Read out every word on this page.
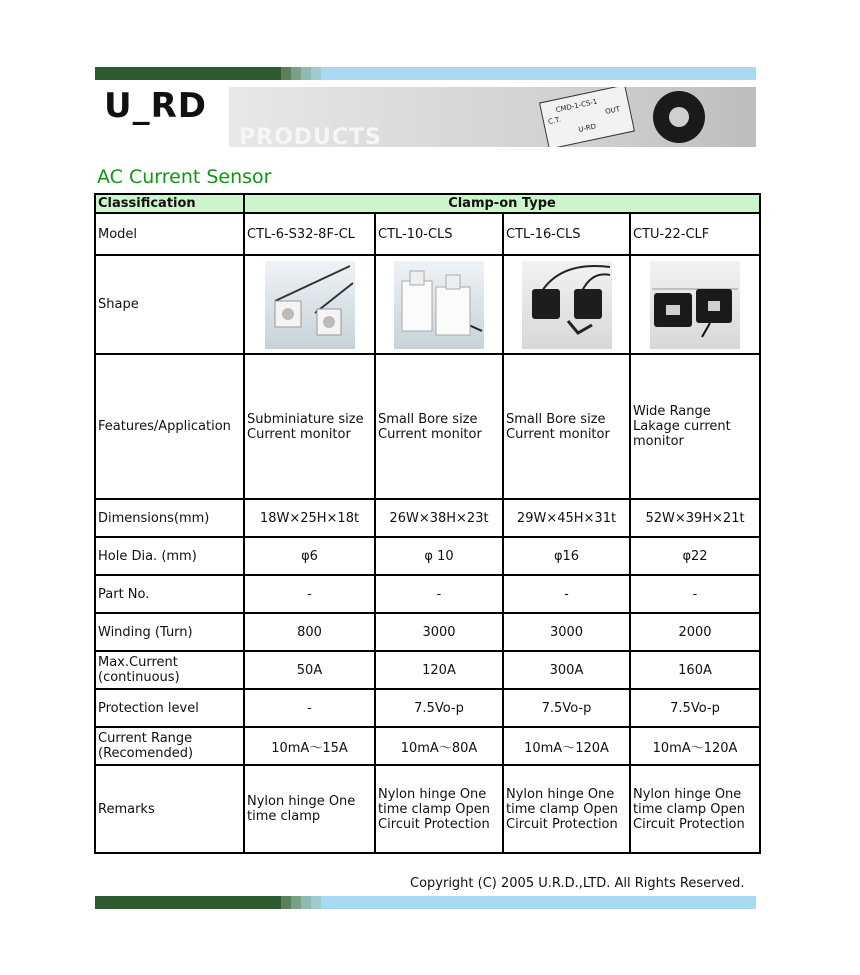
U_RD
PRODUCTS
CMD-1-CS-1
C.T.
OUT
U-RD
AC Current Sensor
Classification	Clamp-on Type			
Model	CTL-6-S32-8F-CL	CTL-10-CLS	CTL-16-CLS	CTU-22-CLF
Shape	

Features/Application	Subminiature size Current monitor	Small Bore size Current monitor	Small Bore size Current monitor	Wide Range Lakage current monitor
Dimensions(mm)	18W×25H×18t	26W×38H×23t	29W×45H×31t	52W×39H×21t
Hole Dia. (mm)	φ6	φ 10	φ16	φ22
Part No.	-	-	-	-
Winding (Turn)	800	3000	3000	2000
Max.Current (continuous)	50A	120A	300A	160A
Protection level	-	7.5Vo-p	7.5Vo-p	7.5Vo-p
Current Range (Recomended)	10mA～15A	10mA～80A	10mA～120A	10mA～120A
Remarks	Nylon hinge One time clamp	Nylon hinge One time clamp Open Circuit Protection	Nylon hinge One time clamp Open Circuit Protection	Nylon hinge One time clamp Open Circuit Protection
Copyright (C) 2005 U.R.D.,LTD. All Rights Reserved.
